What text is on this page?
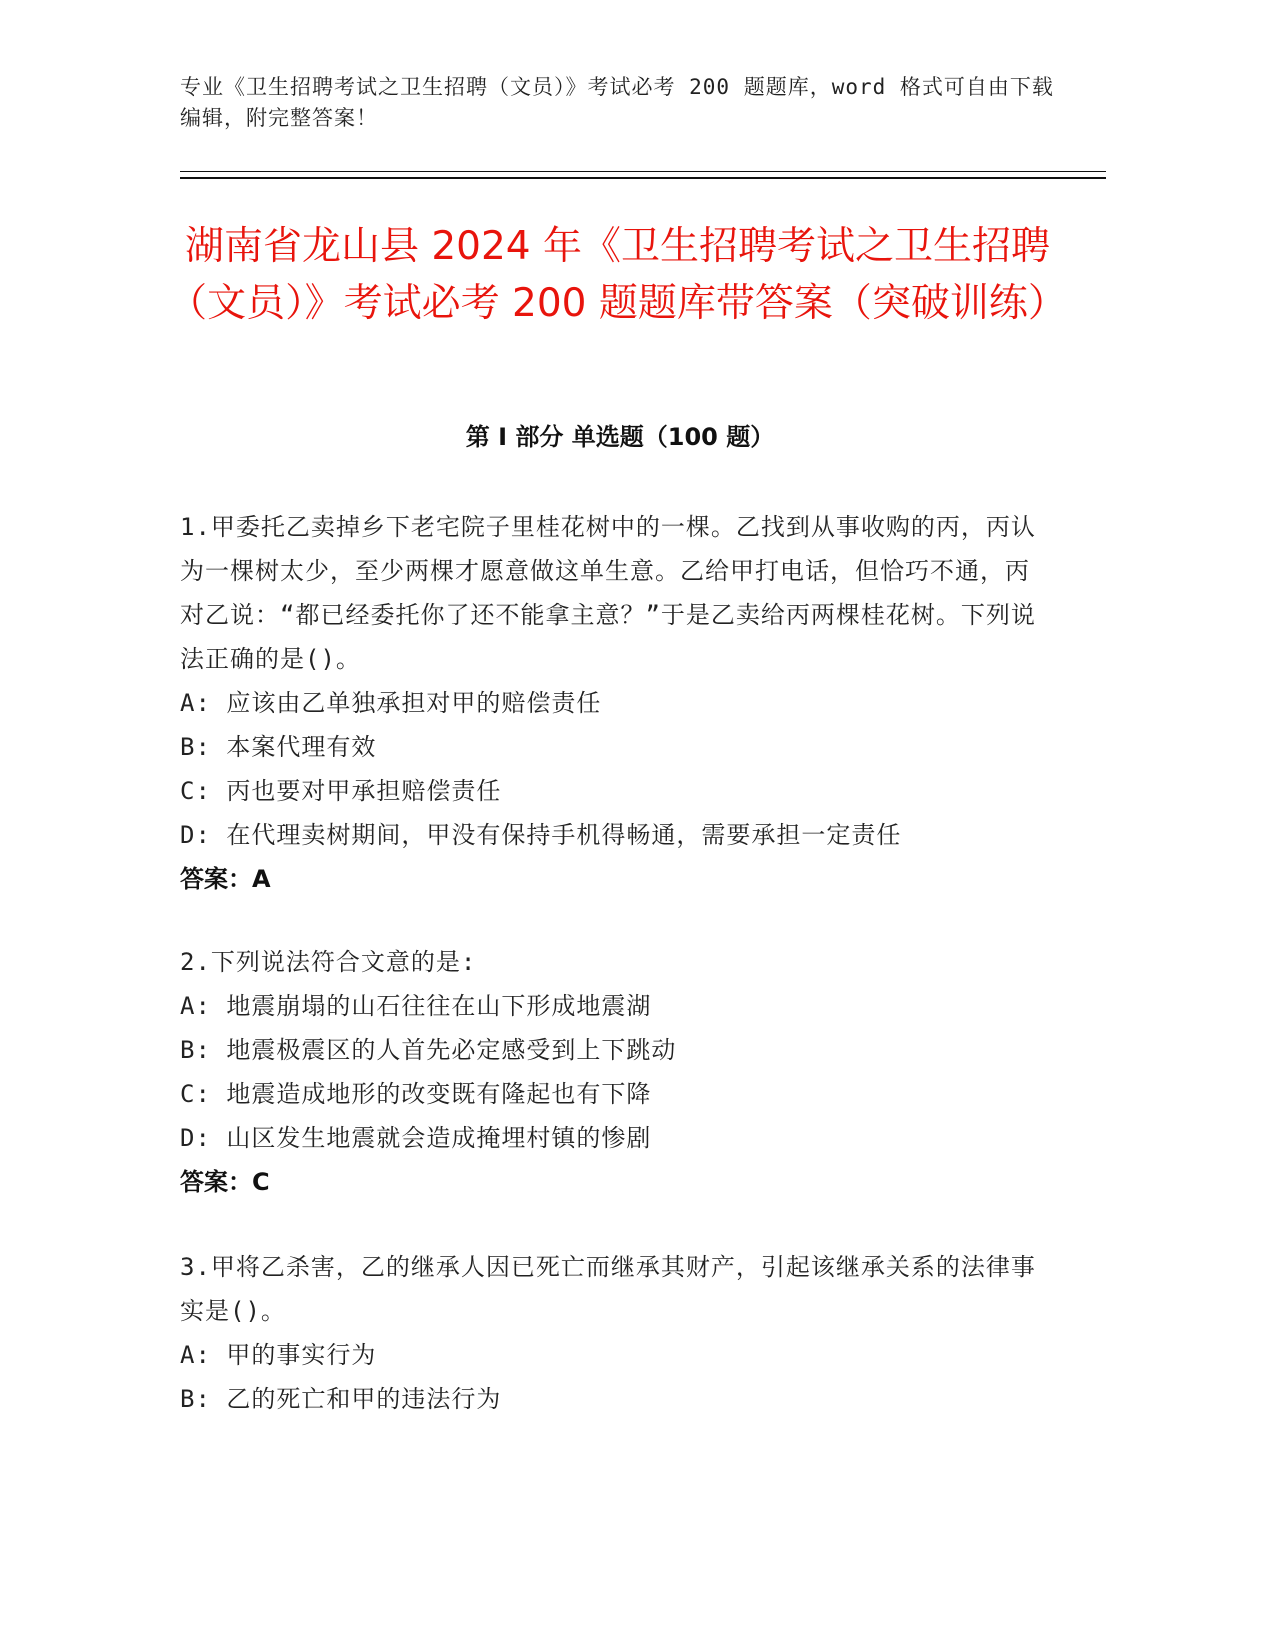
专业《卫生招聘考试之卫生招聘（文员）》考试必考 200 题题库，word 格式可自由下载编辑，附完整答案！
湖南省龙山县 2024 年《卫生招聘考试之卫生招聘（文员）》考试必考 200 题题库带答案（突破训练）
第 I 部分 单选题（100 题）

1.甲委托乙卖掉乡下老宅院子里桂花树中的一棵。乙找到从事收购的丙，丙认为一棵树太少，至少两棵才愿意做这单生意。乙给甲打电话，但恰巧不通，丙对乙说：“都已经委托你了还不能拿主意？”于是乙卖给丙两棵桂花树。下列说法正确的是()。

A: 应该由乙单独承担对甲的赔偿责任

B: 本案代理有效

C: 丙也要对甲承担赔偿责任

D: 在代理卖树期间，甲没有保持手机得畅通，需要承担一定责任

答案：A

2.下列说法符合文意的是:

A: 地震崩塌的山石往往在山下形成地震湖

B: 地震极震区的人首先必定感受到上下跳动

C: 地震造成地形的改变既有隆起也有下降

D: 山区发生地震就会造成掩埋村镇的惨剧

答案：C

3.甲将乙杀害，乙的继承人因已死亡而继承其财产，引起该继承关系的法律事实是()。

A: 甲的事实行为

B: 乙的死亡和甲的违法行为
